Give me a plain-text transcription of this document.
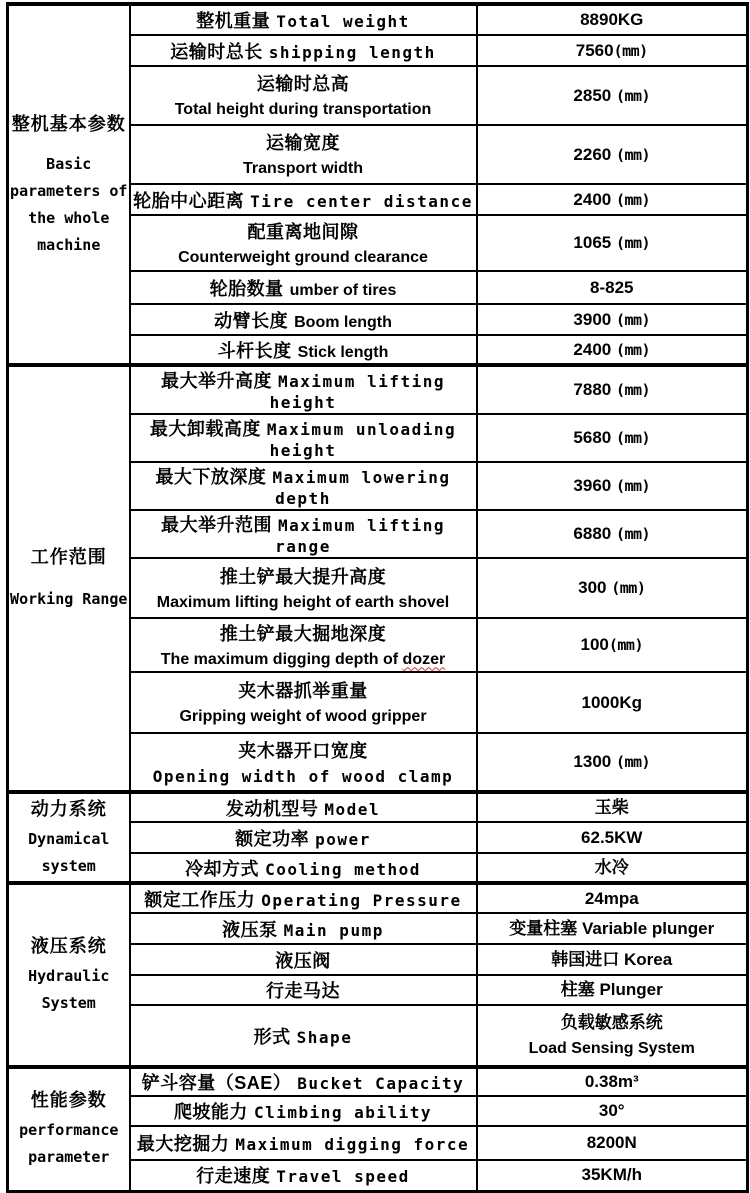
整机基本参数
Basic
parameters of
the whole
machine	整机重量 Total weight	8890KG

	运输时总长 shipping length	7560(mm)

	运输时总高
Total height during transportation	2850 (mm)

	运输宽度
Transport width	2260 (mm)

	轮胎中心距离 Tire center distance	2400 (mm)

	配重离地间隙
Counterweight ground clearance	1065 (mm)

	轮胎数量 umber of tires	8-825

	动臂长度 Boom length	3900 (mm)

	斗杆长度 Stick length	2400 (mm)

工作范围
Working Range	最大举升高度 Maximum lifting height	7880 (mm)

	最大卸载高度 Maximum unloading height	5680 (mm)

	最大下放深度 Maximum lowering depth	3960 (mm)

	最大举升范围 Maximum lifting range	6880 (mm)

	推土铲最大提升高度
Maximum lifting height of earth shovel	300 (mm)

	推土铲最大掘地深度
The maximum digging depth of dozer	100(mm)

	夹木器抓举重量
Gripping weight of wood gripper	1000Kg

	夹木器开口宽度
Opening width of wood clamp	1300 (mm)

动力系统
Dynamical
system	发动机型号 Model	玉柴

	额定功率 power	62.5KW

	冷却方式 Cooling method	水冷

液压系统
Hydraulic
System	额定工作压力 Operating Pressure	24mpa

	液压泵 Main pump	变量柱塞 Variable plunger

	液压阀	韩国进口 Korea

	行走马达	柱塞 Plunger

	形式 Shape	负载敏感系统
Load Sensing System

性能参数
performance
parameter	铲斗容量（SAE） Bucket Capacity	0.38m³

	爬坡能力 Climbing ability	30°

	最大挖掘力 Maximum digging force	8200N

	行走速度 Travel speed	35KM/h
